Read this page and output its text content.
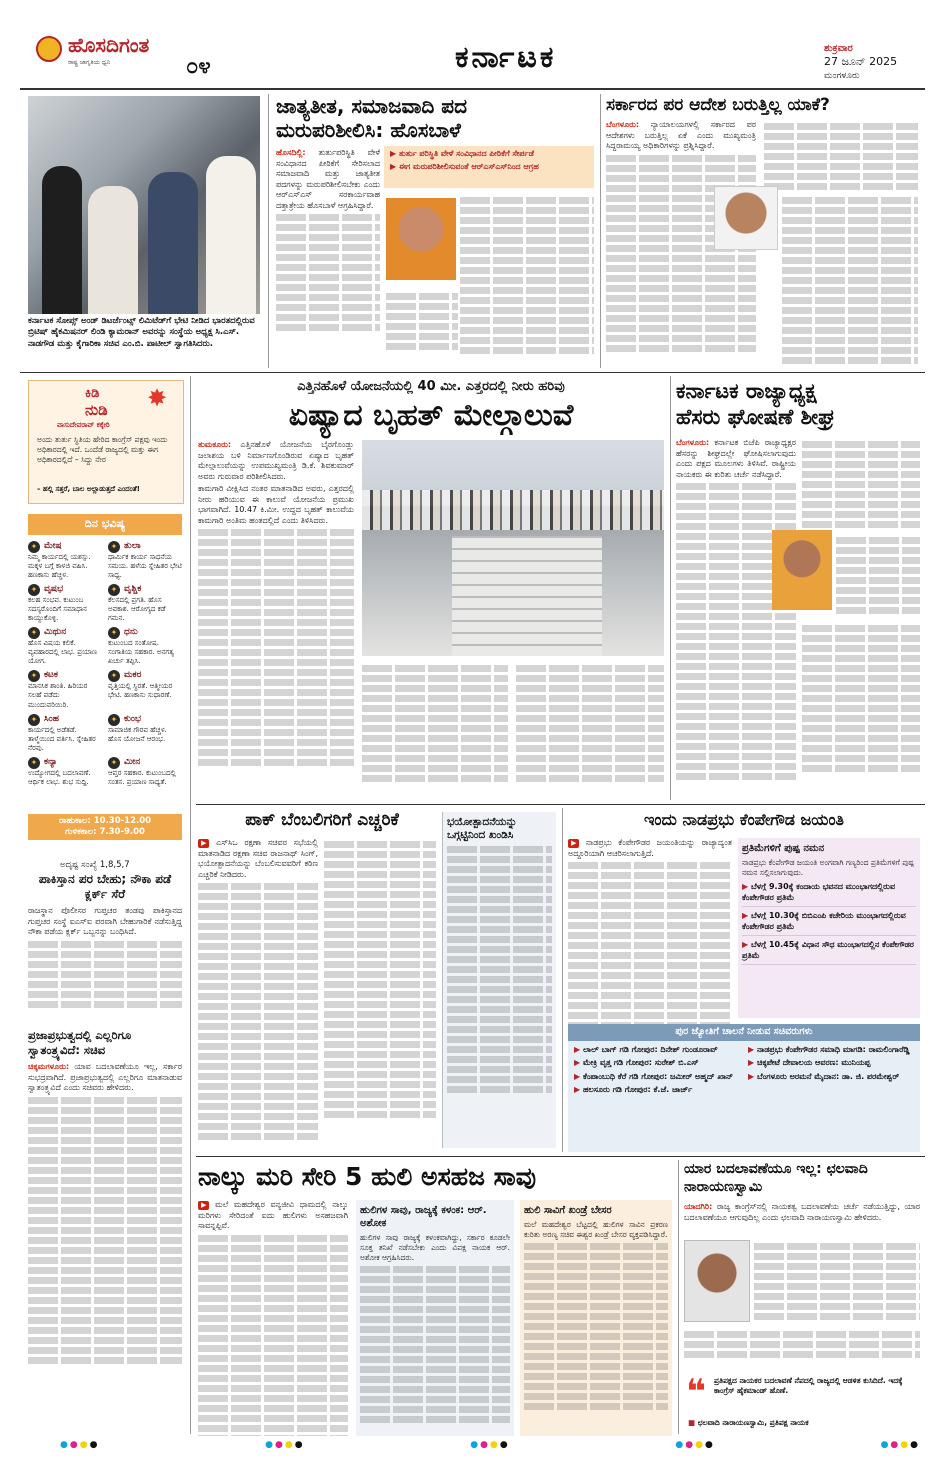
ಹೊಸದಿಗಂತ
ರಾಷ್ಟ್ರ ಜಾಗೃತಿಯ ಧ್ವನಿ	೦೪	ಕರ್ನಾಟಕ	ಶುಕ್ರವಾರ
27 ಜೂನ್ 2025
ಮಂಗಳೂರು
ಕರ್ನಾಟಕ ಸೋಪ್ಸ್ ಅಂಡ್ ಡಿಟರ್ಜೆಂಟ್ಸ್ ಲಿಮಿಟೆಡ್‌ಗೆ ಭೇಟಿ ನೀಡಿದ ಭಾರತದಲ್ಲಿರುವ ಬ್ರಿಟಿಷ್ ಹೈಕಮಿಷನರ್ ಲಿಂಡಿ ಕ್ಯಾಮರಾನ್ ಅವರನ್ನು ಸಂಸ್ಥೆಯ ಅಧ್ಯಕ್ಷ ಸಿ.ಎಸ್. ನಾಡಗೌಡ ಮತ್ತು ಕೈಗಾರಿಕಾ ಸಚಿವ ಎಂ.ಬಿ. ಪಾಟೀಲ್ ಸ್ವಾಗತಿಸಿದರು.
ಜಾತ್ಯತೀತ, ಸಮಾಜವಾದಿ ಪದ
ಮರುಪರಿಶೀಲಿಸಿ: ಹೊಸಬಾಳೆ
▶ ತುರ್ತು ಪರಿಸ್ಥಿತಿ ವೇಳೆ ಸಂವಿಧಾನದ ಪೀಠಿಕೆಗೆ ಸೇರ್ಪಡೆ
▶ ಈಗ ಮರುಪರಿಶೀಲಿಸುವಂತೆ ಆರ್‌ಎಸ್‌ಎಸ್‌ನಿಂದ ಆಗ್ರಹ

ಹೊಸದಿಲ್ಲಿ: ತುರ್ತುಪರಿಸ್ಥಿತಿ ವೇಳೆ ಸಂವಿಧಾನದ ಪೀಠಿಕೆಗೆ ಸೇರಿಸಲಾದ ಸಮಾಜವಾದಿ ಮತ್ತು ಜಾತ್ಯತೀತ ಪದಗಳನ್ನು ಮರುಪರಿಶೀಲಿಸಬೇಕು ಎಂದು ಆರ್‌ಎಸ್‌ಎಸ್ ಸರಕಾರ್ಯವಾಹ ದತ್ತಾತ್ರೇಯ ಹೊಸಬಾಳೆ ಆಗ್ರಹಿಸಿದ್ದಾರೆ.

ಸರ್ಕಾರದ ಪರ ಆದೇಶ ಬರುತ್ತಿಲ್ಲ ಯಾಕೆ?

ಬೆಂಗಳೂರು: ನ್ಯಾಯಾಲಯಗಳಲ್ಲಿ ಸರ್ಕಾರದ ಪರ ಆದೇಶಗಳು ಬರುತ್ತಿಲ್ಲ ಏಕೆ ಎಂದು ಮುಖ್ಯಮಂತ್ರಿ ಸಿದ್ದರಾಮಯ್ಯ ಅಧಿಕಾರಿಗಳನ್ನು ಪ್ರಶ್ನಿಸಿದ್ದಾರೆ.

ಕಿಡಿ
ನುಡಿ ✸
ವಾಸುದೇವರಾವ್ ಕಕ್ಕೇರಿ
ಅಂದು ತುರ್ತು ಸ್ಥಿತಿಯ ಹೇರಿದ ಕಾಂಗ್ರೆಸ್ ಪಕ್ಷವು ಇಂದು ಅಧಿಕಾರದಲ್ಲಿ ಇದೆ. ಒಂದೆಡೆ ರಾಜ್ಯದಲ್ಲಿ ಮತ್ತು ಈಗ ಅಧಿಕಾರದಲ್ಲಿದೆ – ಸಿದ್ದು ನೇರ
– ಹಲ್ಲಿ ಸತ್ತರೆ, ಬಾಲ ಅಲ್ಲಾಡುತ್ತದೆ ಎಂದಂತೆ!
ದಿನ ಭವಿಷ್ಯ
✦ ಮೇಷ
ನಿಮ್ಮ ಕಾರ್ಯದಲ್ಲಿ ಯಶಸ್ಸು. ಮಕ್ಕಳ ಬಗ್ಗೆ ಕಾಳಜಿ ವಹಿಸಿ. ಹಣಕಾಸು ಹೆಚ್ಚಳ.
✦ ತುಲಾ
ಧಾರ್ಮಿಕ ಕಾರ್ಯ ಸಾಧನೆಯ ಸಮಯ. ಹಳೆಯ ಸ್ನೇಹಿತರ ಭೇಟಿ ಸಾಧ್ಯ.
✦ ವೃಷಭ
ಕಲಹ ಸಂಭವ. ಕುಟುಂಬ ಸದಸ್ಯರೊಂದಿಗೆ ಸಮಾಧಾನ ಕಾಯ್ದುಕೊಳ್ಳಿ.
✦ ವೃಶ್ಚಿಕ
ಕೆಲಸದಲ್ಲಿ ಪ್ರಗತಿ. ಹೊಸ ಅವಕಾಶ. ಆರೋಗ್ಯದ ಕಡೆ ಗಮನ.
✦ ಮಿಥುನ
ಹೊಸ ವಿಷಯ ಕಲಿಕೆ. ವ್ಯವಹಾರದಲ್ಲಿ ಲಾಭ. ಪ್ರಯಾಣ ಯೋಗ.
✦ ಧನು
ಕುಟುಂಬದ ಸಂತೋಷ. ಸಂಗಾತಿಯ ಸಹಕಾರ. ಅನಗತ್ಯ ಖರ್ಚು ತಪ್ಪಿಸಿ.
✦ ಕಟಕ
ಮಾನಸಿಕ ಶಾಂತಿ. ಹಿರಿಯರ ಸಲಹೆ ಪಡೆದು ಮುಂದುವರಿಯಿರಿ.
✦ ಮಕರ
ವೃತ್ತಿಯಲ್ಲಿ ಸ್ಥಿರತೆ. ಆತ್ಮೀಯರ ಭೇಟಿ. ಹಣಕಾಸು ಸುಧಾರಣೆ.
✦ ಸಿಂಹ
ಕಾರ್ಯದಲ್ಲಿ ಅಡೆತಡೆ. ತಾಳ್ಮೆಯಿಂದ ವರ್ತಿಸಿ. ಸ್ನೇಹಿತರ ನೆರವು.
✦ ಕುಂಭ
ಸಾಮಾಜಿಕ ಗೌರವ ಹೆಚ್ಚಳ. ಹೊಸ ಯೋಜನೆ ಆರಂಭ.
✦ ಕನ್ಯಾ
ಉದ್ಯೋಗದಲ್ಲಿ ಬದಲಾವಣೆ. ಆರ್ಥಿಕ ಲಾಭ. ಶುಭ ಸುದ್ದಿ.
✦ ಮೀನ
ಆಪ್ತರ ಸಹಕಾರ. ಕುಟುಂಬದಲ್ಲಿ ಸಂತಸ. ಪ್ರಯಾಣ ಸಾಧ್ಯತೆ.
ರಾಹುಕಾಲ: 10.30-12.00
ಗುಳಿಕಕಾಲ: 7.30-9.00
ಅದೃಷ್ಟ ಸಂಖ್ಯೆ 1,8,5,7
ಪಾಕಿಸ್ತಾನ ಪರ ಬೇಹು; ನೌಕಾ ಪಡೆ ಕ್ಲರ್ಕ್ ಸೆರೆ

ರಾಜಸ್ಥಾನ ಪೊಲೀಸರ ಗುಪ್ತಚರ ತಂಡವು ಪಾಕಿಸ್ತಾನದ ಗುಪ್ತಚರ ಸಂಸ್ಥೆ ಐಎಸ್‌ಐ ಪರವಾಗಿ ಬೇಹುಗಾರಿಕೆ ನಡೆಸುತ್ತಿದ್ದ ನೌಕಾ ಪಡೆಯ ಕ್ಲರ್ಕ್ ಒಬ್ಬನನ್ನು ಬಂಧಿಸಿದೆ.

ಪ್ರಜಾಪ್ರಭುತ್ವದಲ್ಲಿ ಎಲ್ಲರಿಗೂ ಸ್ವಾತಂತ್ರ್ಯವಿದೆ: ಸಚಿವ

ಚಿಕ್ಕಮಗಳೂರು: ಯಾವ ಬದಲಾವಣೆಯೂ ಇಲ್ಲ, ಸರ್ಕಾರ ಸುಭದ್ರವಾಗಿದೆ. ಪ್ರಜಾಪ್ರಭುತ್ವದಲ್ಲಿ ಎಲ್ಲರಿಗೂ ಮಾತನಾಡುವ ಸ್ವಾತಂತ್ರ್ಯವಿದೆ ಎಂದು ಸಚಿವರು ಹೇಳಿದರು.

ಎತ್ತಿನಹೊಳೆ ಯೋಜನೆಯಲ್ಲಿ 40 ಮೀ. ಎತ್ತರದಲ್ಲಿ ನೀರು ಹರಿವು
ಏಷ್ಯಾದ ಬೃಹತ್ ಮೇಲ್ಗಾಲುವೆ

ತುಮಕೂರು: ಎತ್ತಿನಹೊಳೆ ಯೋಜನೆಯ ಬೈರಗೊಂಡ್ಲು ಜಲಾಶಯ ಬಳಿ ನಿರ್ಮಾಣಗೊಂಡಿರುವ ಏಷ್ಯಾದ ಬೃಹತ್ ಮೇಲ್ಗಾಲುವೆಯನ್ನು ಉಪಮುಖ್ಯಮಂತ್ರಿ ಡಿ.ಕೆ. ಶಿವಕುಮಾರ್ ಅವರು ಗುರುವಾರ ಪರಿಶೀಲಿಸಿದರು.

ಕಾಮಗಾರಿ ವೀಕ್ಷಿಸಿದ ನಂತರ ಮಾತನಾಡಿದ ಅವರು, ಎತ್ತರದಲ್ಲಿ ನೀರು ಹರಿಯುವ ಈ ಕಾಲುವೆ ಯೋಜನೆಯ ಪ್ರಮುಖ ಭಾಗವಾಗಿದೆ. 10.47 ಕಿ.ಮೀ. ಉದ್ದದ ಬೃಹತ್ ಕಾಲುವೆಯ ಕಾಮಗಾರಿ ಅಂತಿಮ ಹಂತದಲ್ಲಿದೆ ಎಂದು ತಿಳಿಸಿದರು.

ಕರ್ನಾಟಕ ರಾಜ್ಯಾಧ್ಯಕ್ಷ
ಹೆಸರು ಘೋಷಣೆ ಶೀಘ್ರ

ಬೆಂಗಳೂರು: ಕರ್ನಾಟಕ ಬಿಜೆಪಿ ರಾಜ್ಯಾಧ್ಯಕ್ಷರ ಹೆಸರನ್ನು ಶೀಘ್ರದಲ್ಲೇ ಘೋಷಿಸಲಾಗುವುದು ಎಂದು ಪಕ್ಷದ ಮೂಲಗಳು ತಿಳಿಸಿವೆ. ರಾಷ್ಟ್ರೀಯ ನಾಯಕರು ಈ ಕುರಿತು ಚರ್ಚೆ ನಡೆಸಿದ್ದಾರೆ.

ಪಾಕ್ ಬೆಂಬಲಿಗರಿಗೆ ಎಚ್ಚರಿಕೆ

▶ ಎಸ್‌ಸಿಒ ರಕ್ಷಣಾ ಸಚಿವರ ಸಭೆಯಲ್ಲಿ ಮಾತನಾಡಿದ ರಕ್ಷಣಾ ಸಚಿವ ರಾಜನಾಥ್ ಸಿಂಗ್, ಭಯೋತ್ಪಾದನೆಯನ್ನು ಬೆಂಬಲಿಸುವವರಿಗೆ ಕಠಿಣ ಎಚ್ಚರಿಕೆ ನೀಡಿದರು.

ಭಯೋತ್ಪಾದನೆಯನ್ನು ಒಗ್ಗಟ್ಟಿನಿಂದ ಖಂಡಿಸಿ
ಇಂದು ನಾಡಪ್ರಭು ಕೆಂಪೇಗೌಡ ಜಯಂತಿ

▶ ನಾಡಪ್ರಭು ಕೆಂಪೇಗೌಡರ ಜಯಂತಿಯನ್ನು ರಾಜ್ಯಾದ್ಯಂತ ಅದ್ದೂರಿಯಾಗಿ ಆಚರಿಸಲಾಗುತ್ತಿದೆ.	ಪ್ರತಿಮೆಗಳಿಗೆ ಪುಷ್ಪ ನಮನ
ನಾಡಪ್ರಭು ಕೆಂಪೇಗೌಡ ಜಯಂತಿ ಅಂಗವಾಗಿ ಗಣ್ಯರಿಂದ ಪ್ರತಿಮೆಗಳಿಗೆ ಪುಷ್ಪ ನಮನ ಸಲ್ಲಿಸಲಾಗುವುದು.
▶ ಬೆಳಗ್ಗೆ 9.30ಕ್ಕೆ ಕಂದಾಯ ಭವನದ ಮುಂಭಾಗದಲ್ಲಿರುವ ಕೆಂಪೇಗೌಡರ ಪ್ರತಿಮೆ
▶ ಬೆಳಗ್ಗೆ 10.30ಕ್ಕೆ ಬಿಬಿಎಂಪಿ ಕಚೇರಿಯ ಮುಂಭಾಗದಲ್ಲಿರುವ ಕೆಂಪೇಗೌಡರ ಪ್ರತಿಮೆ
▶ ಬೆಳಗ್ಗೆ 10.45ಕ್ಕೆ ವಿಧಾನ ಸೌಧ ಮುಂಭಾಗದಲ್ಲಿನ ಕೆಂಪೇಗೌಡರ ಪ್ರತಿಮೆ
ಪುರ ಜ್ಯೋತಿಗೆ ಚಾಲನೆ ನೀಡುವ ಸಚಿವರುಗಳು
▶ ಲಾಲ್ ಬಾಗ್ ಗಡಿ ಗೋಪುರ: ದಿನೇಶ್ ಗುಂಡೂರಾವ್	▶ ನಾಡಪ್ರಭು ಕೆಂಪೇಗೌಡರ ಸಮಾಧಿ ಮಾಗಡಿ: ರಾಮಲಿಂಗಾರೆಡ್ಡಿ
▶ ಮೇಕ್ರಿ ವೃತ್ತ ಗಡಿ ಗೋಪುರ: ಸುರೇಶ್ ಬಿ.ಎಸ್	▶ ಚಿಕ್ಕಪೇಟೆ ದೇವಾಲಯ ಆವರಣ: ಮುನಿಯಪ್ಪ
▶ ಕೆಂಪಾಂಬುಧಿ ಕೆರೆ ಗಡಿ ಗೋಪುರ: ಜಮೀರ್ ಅಹ್ಮದ್ ಖಾನ್	▶ ಬೆಂಗಳೂರು ಅರಮನೆ ಮೈದಾನ: ಡಾ. ಜಿ. ಪರಮೇಶ್ವರ್
▶ ಹಲಸೂರು ಗಡಿ ಗೋಪುರ: ಕೆ.ಜೆ. ಜಾರ್ಜ್
ನಾಲ್ಕು ಮರಿ ಸೇರಿ 5 ಹುಲಿ ಅಸಹಜ ಸಾವು

▶ ಮಲೆ ಮಹದೇಶ್ವರ ವನ್ಯಜೀವಿ ಧಾಮದಲ್ಲಿ ನಾಲ್ಕು ಮರಿಗಳು ಸೇರಿದಂತೆ ಐದು ಹುಲಿಗಳು ಅಸಹಜವಾಗಿ ಸಾವನ್ನಪ್ಪಿವೆ.

ಹುಲಿಗಳ ಸಾವು, ರಾಜ್ಯಕ್ಕೆ ಕಳಂಕ: ಆರ್. ಅಶೋಕ
ಹುಲಿಗಳ ಸಾವು ರಾಜ್ಯಕ್ಕೆ ಕಳಂಕವಾಗಿದ್ದು, ಸರ್ಕಾರ ಕೂಡಲೇ ಸೂಕ್ತ ತನಿಖೆ ನಡೆಸಬೇಕು ಎಂದು ವಿಪಕ್ಷ ನಾಯಕ ಆರ್. ಅಶೋಕ ಆಗ್ರಹಿಸಿದರು.
ಹುಲಿ ಸಾವಿಗೆ ಖಂಡ್ರೆ ಬೇಸರ
ಮಲೆ ಮಹದೇಶ್ವರ ಬೆಟ್ಟದಲ್ಲಿ ಹುಲಿಗಳ ಸಾವಿನ ಪ್ರಕರಣ ಕುರಿತು ಅರಣ್ಯ ಸಚಿವ ಈಶ್ವರ ಖಂಡ್ರೆ ಬೇಸರ ವ್ಯಕ್ತಪಡಿಸಿದ್ದಾರೆ.
ಯಾರ ಬದಲಾವಣೆಯೂ ಇಲ್ಲ: ಛಲವಾದಿ ನಾರಾಯಣಸ್ವಾಮಿ

ಯಾದಗಿರಿ: ರಾಜ್ಯ ಕಾಂಗ್ರೆಸ್‌ನಲ್ಲಿ ನಾಯಕತ್ವ ಬದಲಾವಣೆಯ ಚರ್ಚೆ ನಡೆಯುತ್ತಿದ್ದು, ಯಾರ ಬದಲಾವಣೆಯೂ ಆಗುವುದಿಲ್ಲ ಎಂದು ಛಲವಾದಿ ನಾರಾಯಣಸ್ವಾಮಿ ಹೇಳಿದರು.

❝ ಪ್ರತಿಪಕ್ಷದ ನಾಯಕರ ಬದಲಾವಣೆ ನೆಪದಲ್ಲಿ ರಾಜ್ಯದಲ್ಲಿ ಆಡಳಿತ ಕುಸಿದಿದೆ. ಇದಕ್ಕೆ ಕಾಂಗ್ರೆಸ್ ಹೈಕಮಾಂಡ್ ಹೊಣೆ.
■ ಛಲವಾದಿ ನಾರಾಯಣಸ್ವಾಮಿ, ಪ್ರತಿಪಕ್ಷ ನಾಯಕ
●●●●	●●●●	●●●●	●●●●	●●●●
